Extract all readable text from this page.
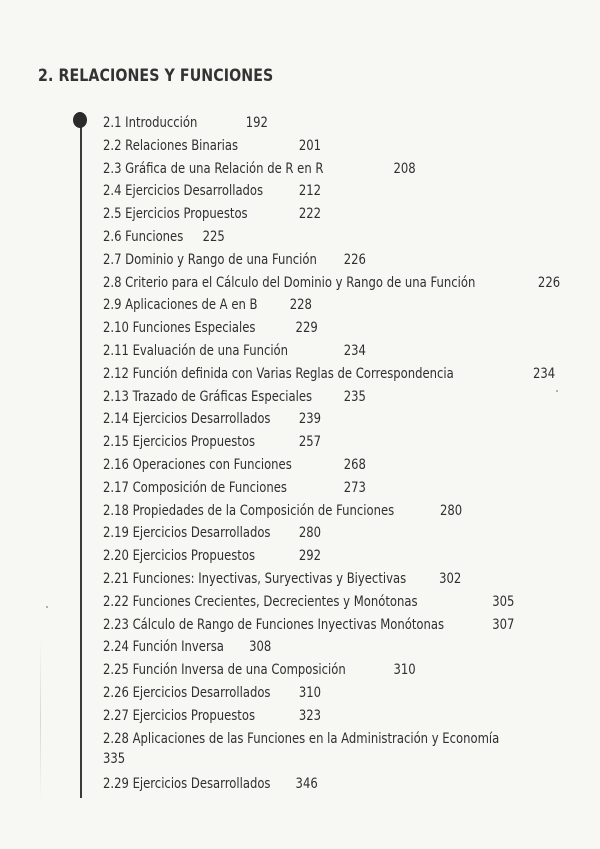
2. RELACIONES Y FUNCIONES
2.1 Introducción	192
2.2 Relaciones Binarias	201
2.3 Gráfica de una Relación de R en R	208
2.4 Ejercicios Desarrollados	212
2.5 Ejercicios Propuestos	222
2.6 Funciones 225
2.7 Dominio y Rango de una Función 226
2.8 Criterio para el Cálculo del Dominio y Rango de una Función	226
2.9 Aplicaciones de A en B 228
2.10 Funciones Especiales	229
2.11 Evaluación de una Función	234
2.12 Función definida con Varias Reglas de Correspondencia	234
2.13 Trazado de Gráficas Especiales 235
2.14 Ejercicios Desarrollados 239
2.15 Ejercicios Propuestos	257
2.16 Operaciones con Funciones	268
2.17 Composición de Funciones	273
2.18 Propiedades de la Composición de Funciones	280
2.19 Ejercicios Desarrollados 280
2.20 Ejercicios Propuestos	292
2.21 Funciones: Inyectivas, Suryectivas y Biyectivas 302
2.22 Funciones Crecientes, Decrecientes y Monótonas	305
2.23 Cálculo de Rango de Funciones Inyectivas Monótonas	307
2.24 Función Inversa 308
2.25 Función Inversa de una Composición	310
2.26 Ejercicios Desarrollados 310
2.27 Ejercicios Propuestos	323
2.28 Aplicaciones de las Funciones en la Administración y Economía
335
2.29 Ejercicios Desarrollados 346
